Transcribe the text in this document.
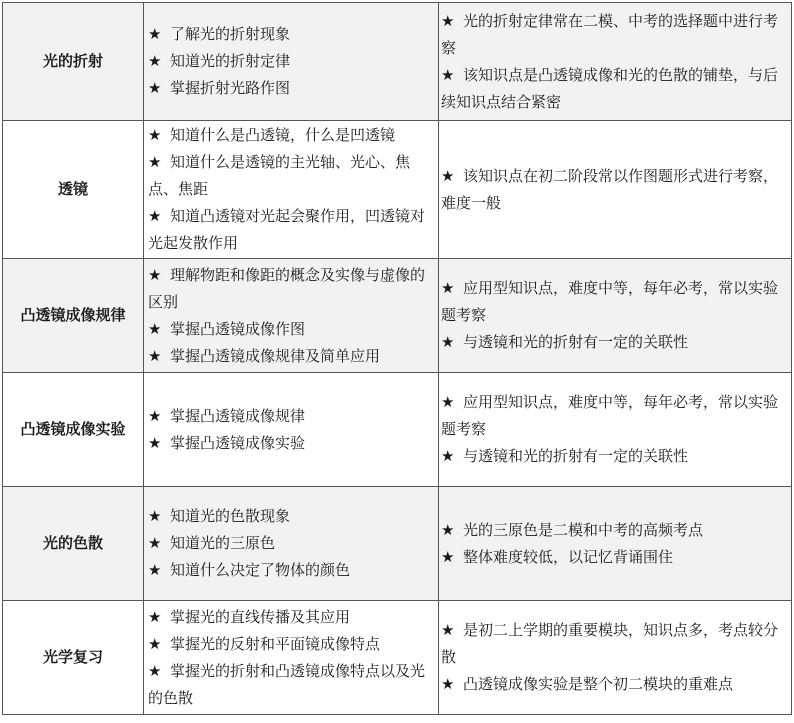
光的折射	★ 了解光的折射现象
★ 知道光的折射定律
★ 掌握折射光路作图	★ 光的折射定律常在二模、中考的选择题中进行考察
★ 该知识点是凸透镜成像和光的色散的铺垫，与后续知识点结合紧密

透镜	★ 知道什么是凸透镜，什么是凹透镜
★ 知道什么是透镜的主光轴、光心、焦点、焦距
★ 知道凸透镜对光起会聚作用，凹透镜对光起发散作用	★ 该知识点在初二阶段常以作图题形式进行考察，难度一般

凸透镜成像规律	★ 理解物距和像距的概念及实像与虚像的区别
★ 掌握凸透镜成像作图
★ 掌握凸透镜成像规律及简单应用	★ 应用型知识点，难度中等，每年必考，常以实验题考察
★ 与透镜和光的折射有一定的关联性

凸透镜成像实验	★ 掌握凸透镜成像规律
★ 掌握凸透镜成像实验	★ 应用型知识点，难度中等，每年必考，常以实验题考察
★ 与透镜和光的折射有一定的关联性

光的色散	★ 知道光的色散现象
★ 知道光的三原色
★ 知道什么决定了物体的颜色	★ 光的三原色是二模和中考的高频考点
★ 整体难度较低，以记忆背诵围住

光学复习	★ 掌握光的直线传播及其应用
★ 掌握光的反射和平面镜成像特点
★ 掌握光的折射和凸透镜成像特点以及光的色散	★ 是初二上学期的重要模块，知识点多，考点较分散
★ 凸透镜成像实验是整个初二模块的重难点
